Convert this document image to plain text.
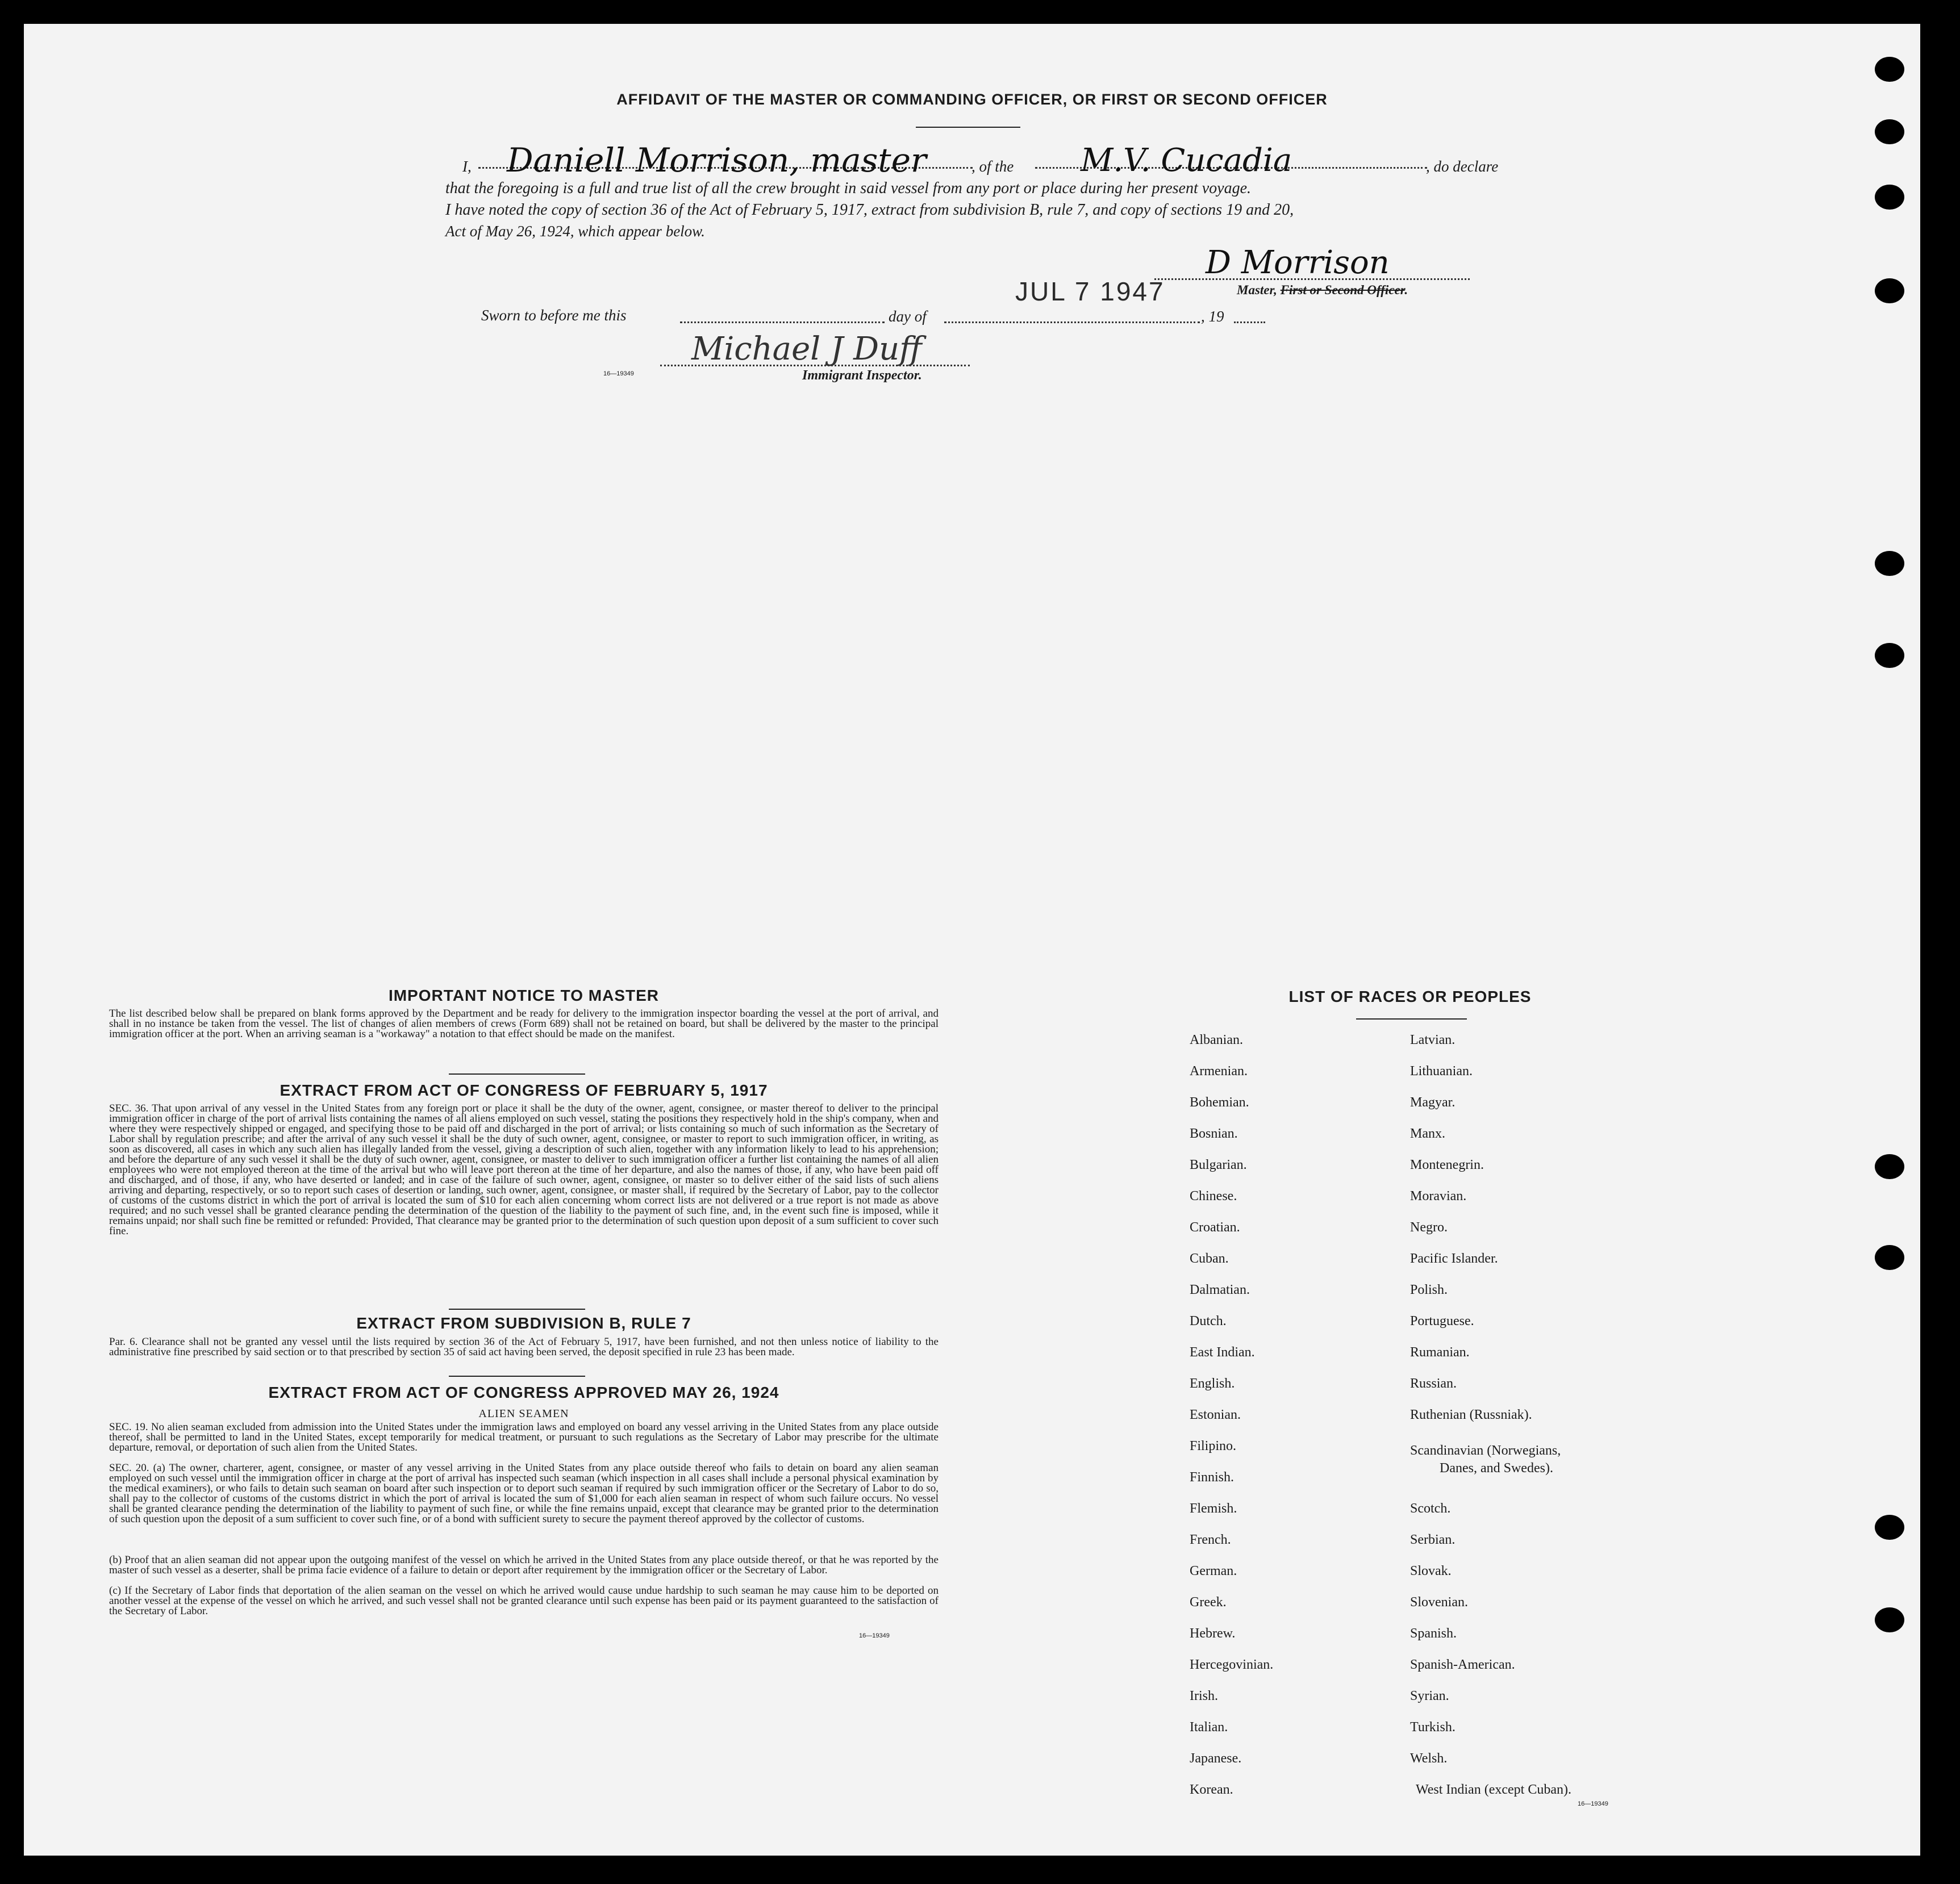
AFFIDAVIT OF THE MASTER OR COMMANDING OFFICER, OR FIRST OR SECOND OFFICER
I, Daniell Morrison, master	, of the M.V. Cucadia	, do declare
that the foregoing is a full and true list of all the crew brought in said vessel from any port or place during her present voyage.
I have noted the copy of section 36 of the Act of February 5, 1917, extract from subdivision B, rule 7, and copy of sections 19 and 20,
Act of May 26, 1924, which appear below.
JUL 7 1947
D Morrison
Master, First or Second Officer.
Sworn to before me this	day of	, 19
16—19349
Michael J Duff
Immigrant Inspector.
IMPORTANT NOTICE TO MASTER
The list described below shall be prepared on blank forms approved by the Department and be ready for delivery to the immigration inspector boarding the vessel at the port of arrival, and shall in no instance be taken from the vessel. The list of changes of alien members of crews (Form 689) shall not be retained on board, but shall be delivered by the master to the principal immigration officer at the port. When an arriving seaman is a "workaway" a notation to that effect should be made on the manifest.
EXTRACT FROM ACT OF CONGRESS OF FEBRUARY 5, 1917
SEC. 36. That upon arrival of any vessel in the United States from any foreign port or place it shall be the duty of the owner, agent, consignee, or master thereof to deliver to the principal immigration officer in charge of the port of arrival lists containing the names of all aliens employed on such vessel, stating the positions they respectively hold in the ship's company, when and where they were respectively shipped or engaged, and specifying those to be paid off and discharged in the port of arrival; or lists containing so much of such information as the Secretary of Labor shall by regulation prescribe; and after the arrival of any such vessel it shall be the duty of such owner, agent, consignee, or master to report to such immigration officer, in writing, as soon as discovered, all cases in which any such alien has illegally landed from the vessel, giving a description of such alien, together with any information likely to lead to his apprehension; and before the departure of any such vessel it shall be the duty of such owner, agent, consignee, or master to deliver to such immigration officer a further list containing the names of all alien employees who were not employed thereon at the time of the arrival but who will leave port thereon at the time of her departure, and also the names of those, if any, who have been paid off and discharged, and of those, if any, who have deserted or landed; and in case of the failure of such owner, agent, consignee, or master so to deliver either of the said lists of such aliens arriving and departing, respectively, or so to report such cases of desertion or landing, such owner, agent, consignee, or master shall, if required by the Secretary of Labor, pay to the collector of customs of the customs district in which the port of arrival is located the sum of $10 for each alien concerning whom correct lists are not delivered or a true report is not made as above required; and no such vessel shall be granted clearance pending the determination of the question of the liability to the payment of such fine, and, in the event such fine is imposed, while it remains unpaid; nor shall such fine be remitted or refunded: Provided, That clearance may be granted prior to the determination of such question upon deposit of a sum sufficient to cover such fine.
EXTRACT FROM SUBDIVISION B, RULE 7
Par. 6. Clearance shall not be granted any vessel until the lists required by section 36 of the Act of February 5, 1917, have been furnished, and not then unless notice of liability to the administrative fine prescribed by said section or to that prescribed by section 35 of said act having been served, the deposit specified in rule 23 has been made.
EXTRACT FROM ACT OF CONGRESS APPROVED MAY 26, 1924
ALIEN SEAMEN
SEC. 19. No alien seaman excluded from admission into the United States under the immigration laws and employed on board any vessel arriving in the United States from any place outside thereof, shall be permitted to land in the United States, except temporarily for medical treatment, or pursuant to such regulations as the Secretary of Labor may prescribe for the ultimate departure, removal, or deportation of such alien from the United States.
SEC. 20. (a) The owner, charterer, agent, consignee, or master of any vessel arriving in the United States from any place outside thereof who fails to detain on board any alien seaman employed on such vessel until the immigration officer in charge at the port of arrival has inspected such seaman (which inspection in all cases shall include a personal physical examination by the medical examiners), or who fails to detain such seaman on board after such inspection or to deport such seaman if required by such immigration officer or the Secretary of Labor to do so, shall pay to the collector of customs of the customs district in which the port of arrival is located the sum of $1,000 for each alien seaman in respect of whom such failure occurs. No vessel shall be granted clearance pending the determination of the liability to payment of such fine, or while the fine remains unpaid, except that clearance may be granted prior to the determination of such question upon the deposit of a sum sufficient to cover such fine, or of a bond with sufficient surety to secure the payment thereof approved by the collector of customs.
(b) Proof that an alien seaman did not appear upon the outgoing manifest of the vessel on which he arrived in the United States from any place outside thereof, or that he was reported by the master of such vessel as a deserter, shall be prima facie evidence of a failure to detain or deport after requirement by the immigration officer or the Secretary of Labor.
(c) If the Secretary of Labor finds that deportation of the alien seaman on the vessel on which he arrived would cause undue hardship to such seaman he may cause him to be deported on another vessel at the expense of the vessel on which he arrived, and such vessel shall not be granted clearance until such expense has been paid or its payment guaranteed to the satisfaction of the Secretary of Labor.
16—19349
LIST OF RACES OR PEOPLES
Albanian.
Armenian.
Bohemian.
Bosnian.
Bulgarian.
Chinese.
Croatian.
Cuban.
Dalmatian.
Dutch.
East Indian.
English.
Estonian.
Filipino.
Finnish.
Flemish.
French.
German.
Greek.
Hebrew.
Hercegovinian.
Irish.
Italian.
Japanese.
Korean.
Latvian.
Lithuanian.
Magyar.
Manx.
Montenegrin.
Moravian.
Negro.
Pacific Islander.
Polish.
Portuguese.
Rumanian.
Russian.
Ruthenian (Russniak).
Scandinavian (Norwegians,
Danes, and Swedes).
Scotch.
Serbian.
Slovak.
Slovenian.
Spanish.
Spanish-American.
Syrian.
Turkish.
Welsh.
West Indian (except Cuban).
16—19349
